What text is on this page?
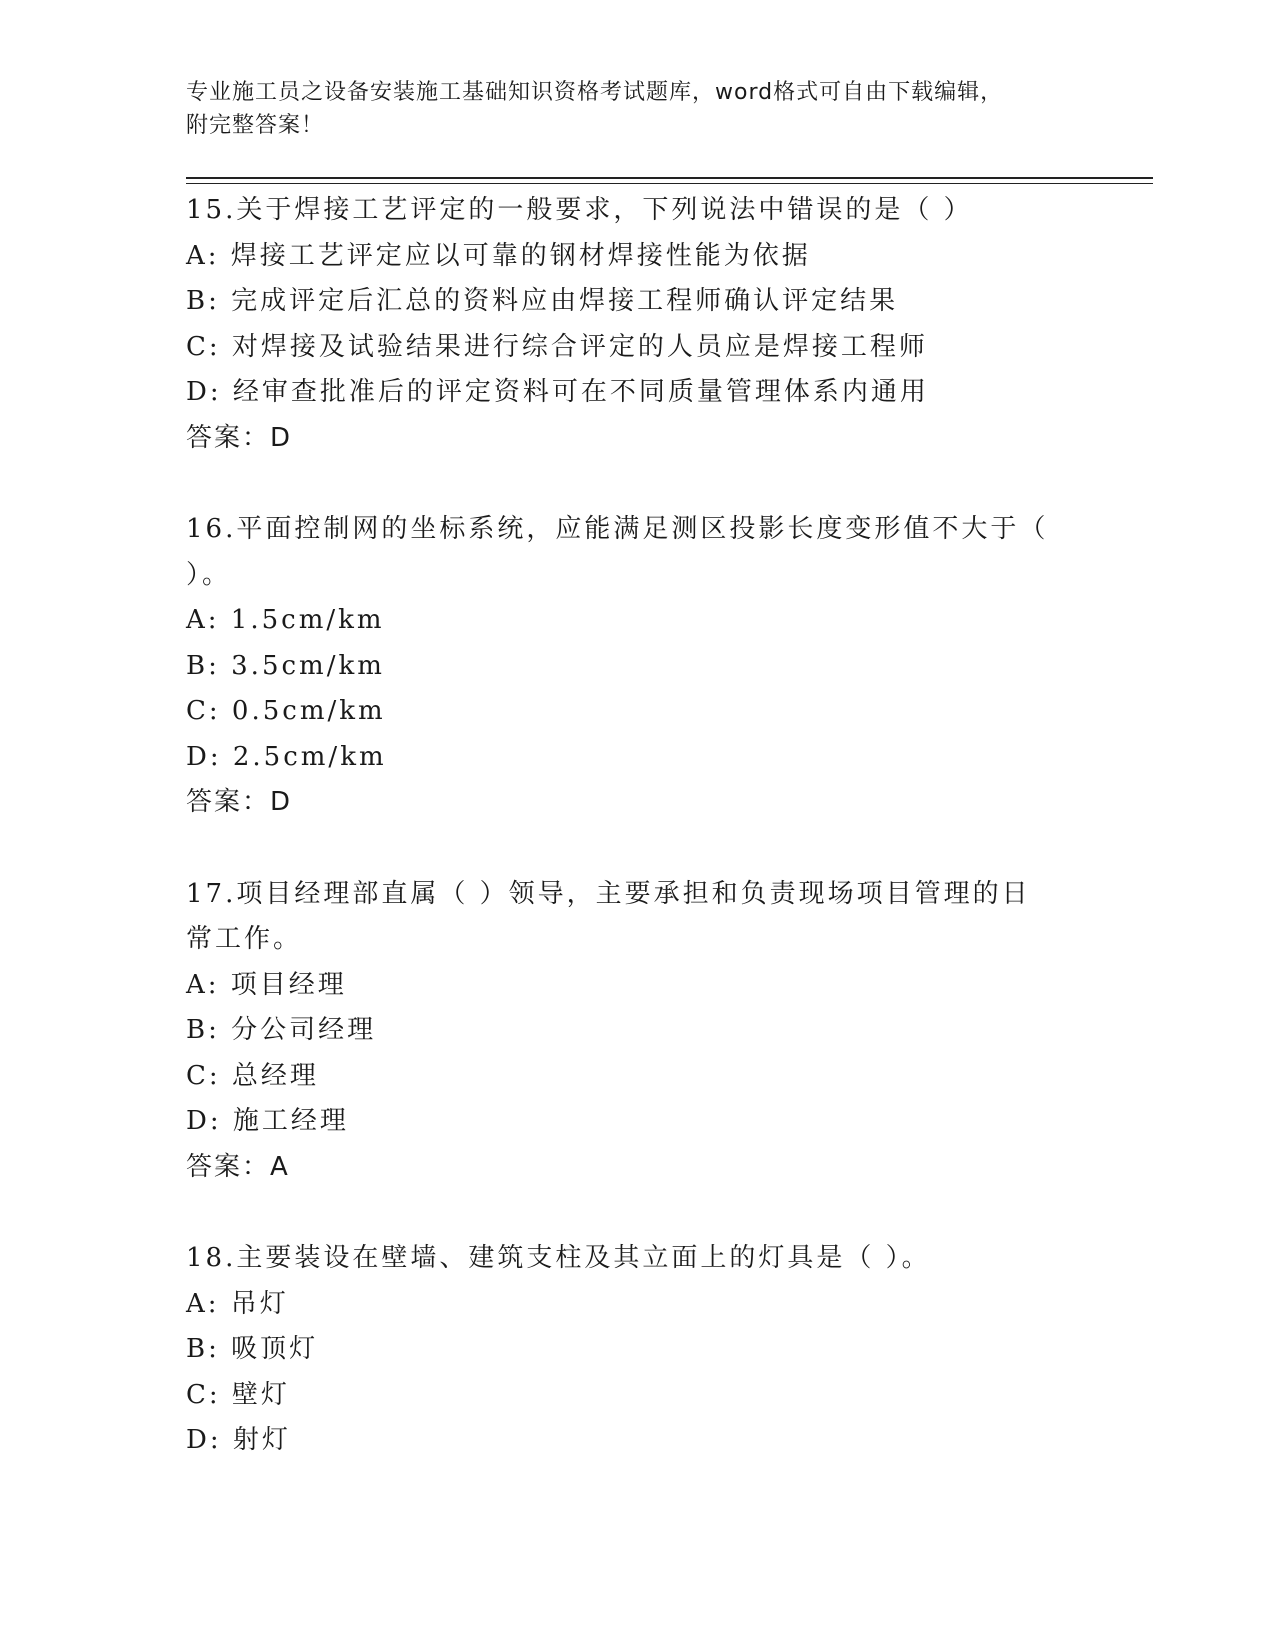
专业施工员之设备安装施工基础知识资格考试题库，word格式可自由下载编辑，
附完整答案！
15.关于焊接工艺评定的一般要求，下列说法中错误的是（ ）
A: 焊接工艺评定应以可靠的钢材焊接性能为依据
B: 完成评定后汇总的资料应由焊接工程师确认评定结果
C: 对焊接及试验结果进行综合评定的人员应是焊接工程师
D: 经审查批准后的评定资料可在不同质量管理体系内通用
答案：D
16.平面控制网的坐标系统，应能满足测区投影长度变形值不大于（ ）。
A: 1.5cm/km
B: 3.5cm/km
C: 0.5cm/km
D: 2.5cm/km
答案：D
17.项目经理部直属（ ）领导，主要承担和负责现场项目管理的日常工作。
A: 项目经理
B: 分公司经理
C: 总经理
D: 施工经理
答案：A
18.主要装设在壁墙、建筑支柱及其立面上的灯具是（ ）。
A: 吊灯
B: 吸顶灯
C: 壁灯
D: 射灯
